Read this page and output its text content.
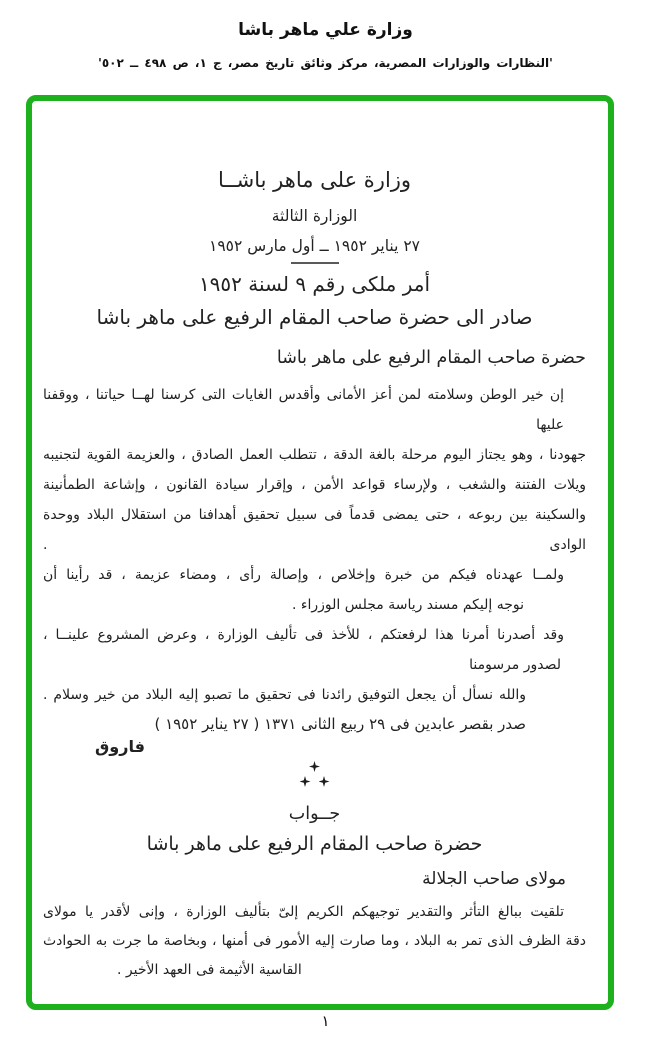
وزارة علي ماهر باشا
'النظارات والوزارات المصرية، مركز وثائق تاريخ مصر، ج ١، ص ٤٩٨ ــ ٥٠٢'
وزارة على ماهر باشــا
الوزارة الثالثة
٢٧ يناير ١٩٥٢ ــ أول مارس ١٩٥٢
أمر ملكى رقم ٩ لسنة ١٩٥٢
صادر الى حضرة صاحب المقام الرفيع على ماهر باشا
حضرة صاحب المقام الرفيع على ماهر باشا
إن خير الوطن وسلامته لمن أعز الأمانى وأقدس الغايات التى كرسنا لهــا حياتنا ، ووقفنا عليها
جهودنا ، وهو يجتاز اليوم مرحلة بالغة الدقة ، تتطلب العمل الصادق ، والعزيمة القوية لتجنيبه
ويلات الفتنة والشغب ، ولإرساء قواعد الأمن ، وإقرار سيادة القانون ، وإشاعة الطمأنينة
والسكينة بين ربوعه ، حتى يمضى قدماً فى سبيل تحقيق أهدافنا من استقلال البلاد ووحدة الوادى .
ولمــا عهدناه فيكم من خبرة وإخلاص ، وإصالة رأى ، ومضاء عزيمة ، قد رأينا أن
نوجه إليكم مسند رياسة مجلس الوزراء .
وقد أصدرنا أمرنا هذا لرفعتكم ، للأخذ فى تأليف الوزارة ، وعرض المشروع علينــا ،
لصدور مرسومنا
والله نسأل أن يجعل التوفيق رائدنا فى تحقيق ما تصبو إليه البلاد من خير وسلام .
صدر بقصر عابدين فى ٢٩ ربيع الثانى ١٣٧١ ( ٢٧ يناير ١٩٥٢ )
فاروق
جــواب
حضرة صاحب المقام الرفيع على ماهر باشا
مولاى صاحب الجلالة
تلقيت ببالغ التأثر والتقدير توجيهكم الكريم إلىّ بتأليف الوزارة ، وإنى لأقدر يا مولاى
دقة الظرف الذى تمر به البلاد ، وما صارت إليه الأمور فى أمنها ، وبخاصة ما جرت به الحوادث
القاسية الأثيمة فى العهد الأخير .
١
